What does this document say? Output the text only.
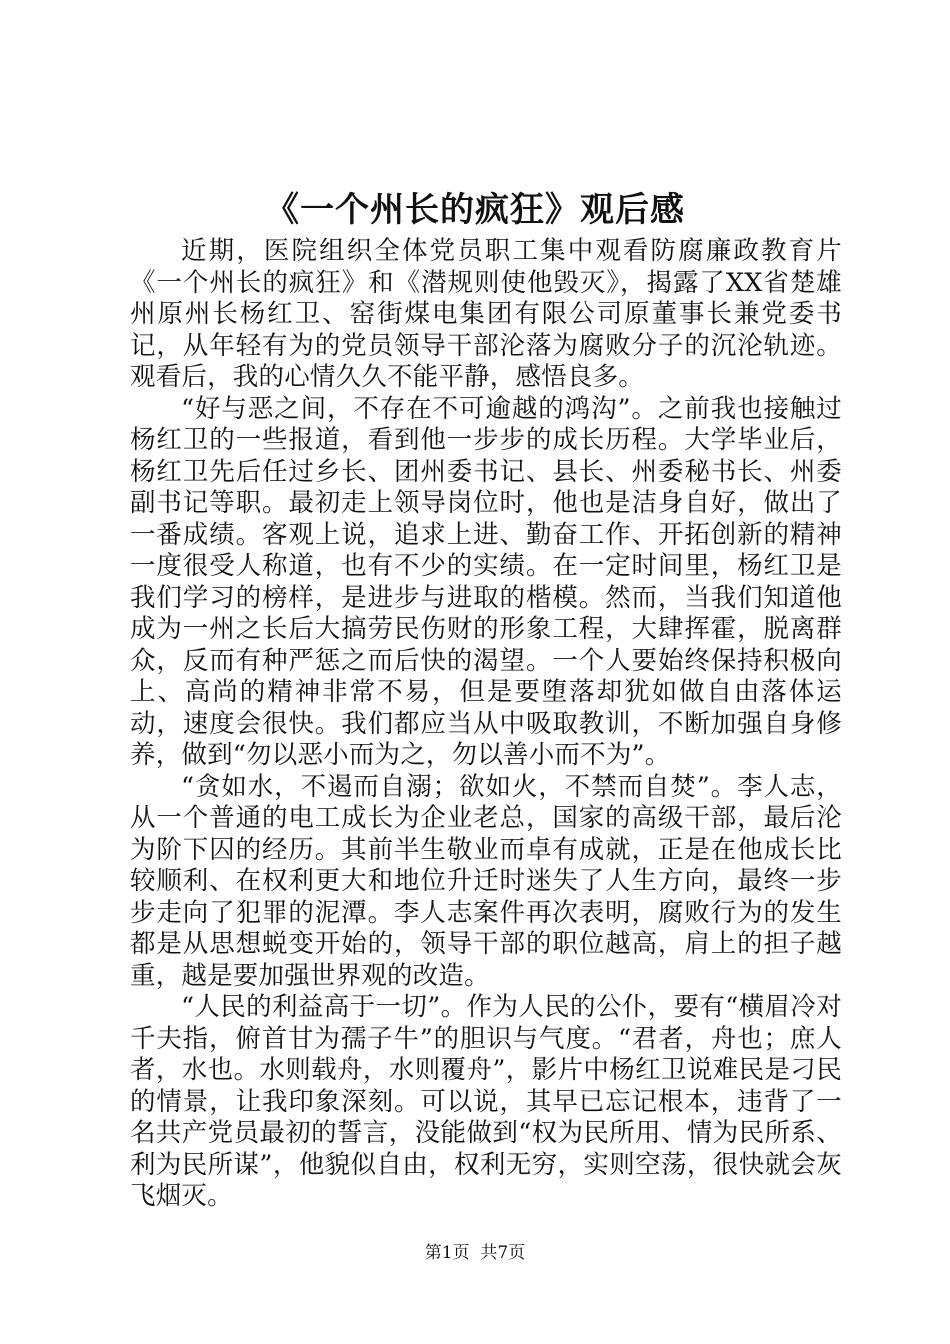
《一个州长的疯狂》观后感

近期，医院组织全体党员职工集中观看防腐廉政教育片《一个州长的疯狂》和《潜规则使他毁灭》，揭露了XX省楚雄州原州长杨红卫、窑街煤电集团有限公司原董事长兼党委书记，从年轻有为的党员领导干部沦落为腐败分子的沉沦轨迹。观看后，我的心情久久不能平静，感悟良多。

“好与恶之间，不存在不可逾越的鸿沟”。之前我也接触过杨红卫的一些报道，看到他一步步的成长历程。大学毕业后，杨红卫先后任过乡长、团州委书记、县长、州委秘书长、州委副书记等职。最初走上领导岗位时，他也是洁身自好，做出了一番成绩。客观上说，追求上进、勤奋工作、开拓创新的精神一度很受人称道，也有不少的实绩。在一定时间里，杨红卫是我们学习的榜样，是进步与进取的楷模。然而，当我们知道他成为一州之长后大搞劳民伤财的形象工程，大肆挥霍，脱离群众，反而有种严惩之而后快的渴望。一个人要始终保持积极向上、高尚的精神非常不易，但是要堕落却犹如做自由落体运动，速度会很快。我们都应当从中吸取教训，不断加强自身修养，做到“勿以恶小而为之，勿以善小而不为”。

“贪如水，不遏而自溺；欲如火，不禁而自焚”。李人志，从一个普通的电工成长为企业老总，国家的高级干部，最后沦为阶下囚的经历。其前半生敬业而卓有成就，正是在他成长比较顺利、在权利更大和地位升迁时迷失了人生方向，最终一步步走向了犯罪的泥潭。李人志案件再次表明，腐败行为的发生都是从思想蜕变开始的，领导干部的职位越高，肩上的担子越重，越是要加强世界观的改造。

“人民的利益高于一切”。作为人民的公仆，要有“横眉冷对千夫指，俯首甘为孺子牛”的胆识与气度。“君者，舟也；庶人者，水也。水则载舟，水则覆舟”，影片中杨红卫说难民是刁民的情景，让我印象深刻。可以说，其早已忘记根本，违背了一名共产党员最初的誓言，没能做到“权为民所用、情为民所系、利为民所谋”，他貌似自由，权利无穷，实则空荡，很快就会灰飞烟灭。

第1页 共7页
